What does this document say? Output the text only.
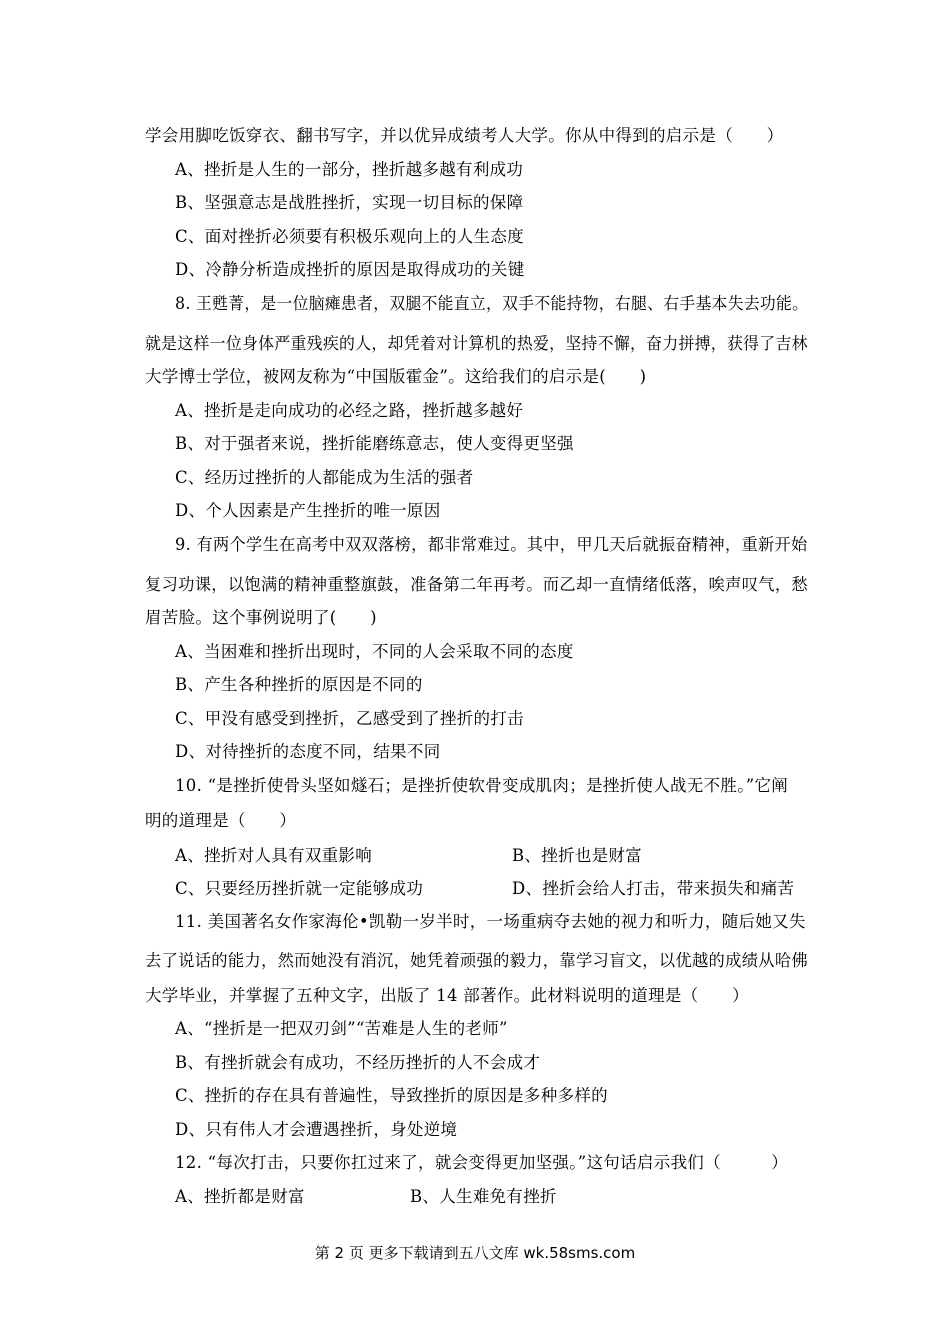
学会用脚吃饭穿衣、翻书写字，并以优异成绩考人大学。你从中得到的启示是（　　）
A、挫折是人生的一部分，挫折越多越有利成功
B、坚强意志是战胜挫折，实现一切目标的保障
C、面对挫折必须要有积极乐观向上的人生态度
D、冷静分析造成挫折的原因是取得成功的关键
8. 王甦菁，是一位脑瘫患者，双腿不能直立，双手不能持物，右腿、右手基本失去功能。
就是这样一位身体严重残疾的人，却凭着对计算机的热爱，坚持不懈，奋力拼搏，获得了吉林
大学博士学位，被网友称为“中国版霍金”。这给我们的启示是(　　)
A、挫折是走向成功的必经之路，挫折越多越好
B、对于强者来说，挫折能磨练意志，使人变得更坚强
C、经历过挫折的人都能成为生活的强者
D、个人因素是产生挫折的唯一原因
9. 有两个学生在高考中双双落榜，都非常难过。其中，甲几天后就振奋精神，重新开始
复习功课，以饱满的精神重整旗鼓，准备第二年再考。而乙却一直情绪低落，唉声叹气，愁
眉苦脸。这个事例说明了(　　)
A、当困难和挫折出现时，不同的人会采取不同的态度
B、产生各种挫折的原因是不同的
C、甲没有感受到挫折，乙感受到了挫折的打击
D、对待挫折的态度不同，结果不同
10. “是挫折使骨头坚如燧石；是挫折使软骨变成肌肉；是挫折使人战无不胜。”它阐
明的道理是（　　）
A、挫折对人具有双重影响	B、挫折也是财富
C、只要经历挫折就一定能够成功	D、挫折会给人打击，带来损失和痛苦
11. 美国著名女作家海伦•凯勒一岁半时，一场重病夺去她的视力和听力，随后她又失
去了说话的能力，然而她没有消沉，她凭着顽强的毅力，靠学习盲文，以优越的成绩从哈佛
大学毕业，并掌握了五种文字，出版了 14 部著作。此材料说明的道理是（　　）
A、“挫折是一把双刃剑”“苦难是人生的老师”
B、有挫折就会有成功，不经历挫折的人不会成才
C、挫折的存在具有普遍性，导致挫折的原因是多种多样的
D、只有伟人才会遭遇挫折，身处逆境
12. “每次打击，只要你扛过来了，就会变得更加坚强。”这句话启示我们（　　　）
A、挫折都是财富	B、人生难免有挫折
第 2 页 更多下载请到五八文库 wk.58sms.com
